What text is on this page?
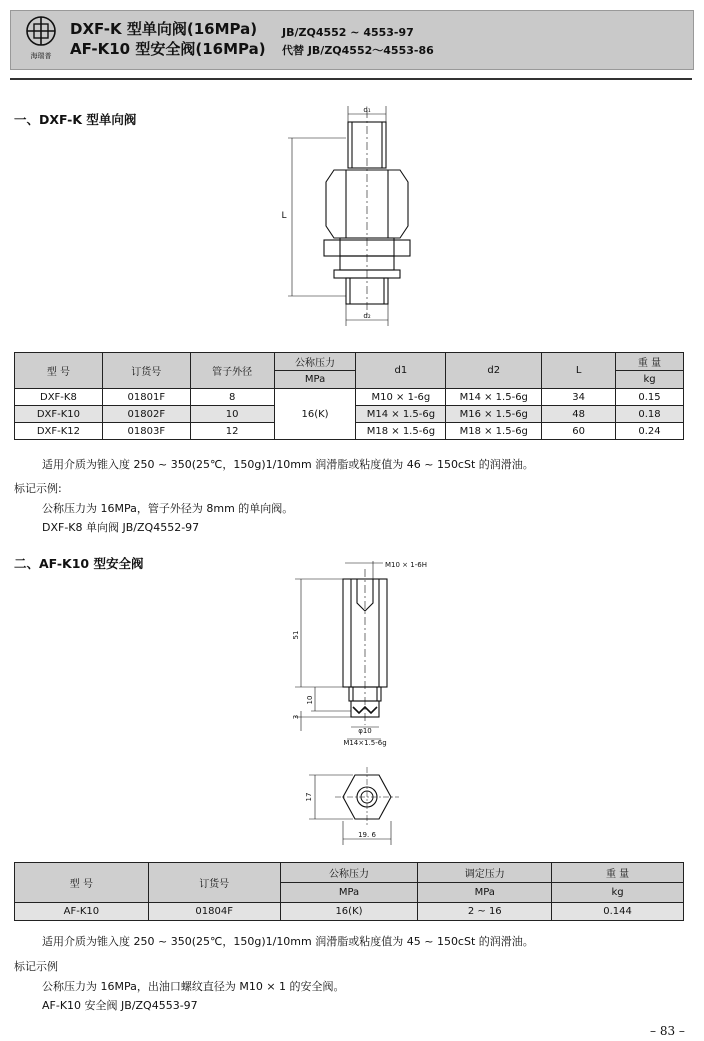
海瑞普
DXF-K 型单向阀(16MPa)
AF-K10 型安全阀(16MPa)
JB/ZQ4552 ~ 4553-97
代替 JB/ZQ4552～4553-86
一、DXF-K 型单向阀
d₁
d₂
L
型 号	订货号	管子外径	公称压力	d1	d2	L	重 量
			MPa				kg
DXF-K8	01801F	8	16(K)	M10 × 1-6g	M14 × 1.5-6g	34	0.15
DXF-K10	01802F	10		M14 × 1.5-6g	M16 × 1.5-6g	48	0.18
DXF-K12	01803F	12		M18 × 1.5-6g	M18 × 1.5-6g	60	0.24
适用介质为锥入度 250 ~ 350(25℃，150g)1/10mm 润滑脂或粘度值为 46 ~ 150cSt 的润滑油。
标记示例:
公称压力为 16MPa，管子外径为 8mm 的单向阀。
DXF-K8 单向阀 JB/ZQ4552-97
二、AF-K10 型安全阀	M10 × 1-6H
51
10
3
φ10
M14×1.5-6g
17
19. 6
型 号	订货号	公称压力	调定压力	重 量
		MPa	MPa	kg
AF-K10	01804F	16(K)	2 ~ 16	0.144
适用介质为锥入度 250 ~ 350(25℃，150g)1/10mm 润滑脂或粘度值为 45 ~ 150cSt 的润滑油。
标记示例
公称压力为 16MPa，出油口螺纹直径为 M10 × 1 的安全阀。
AF-K10 安全阀 JB/ZQ4553-97
– 83 –
